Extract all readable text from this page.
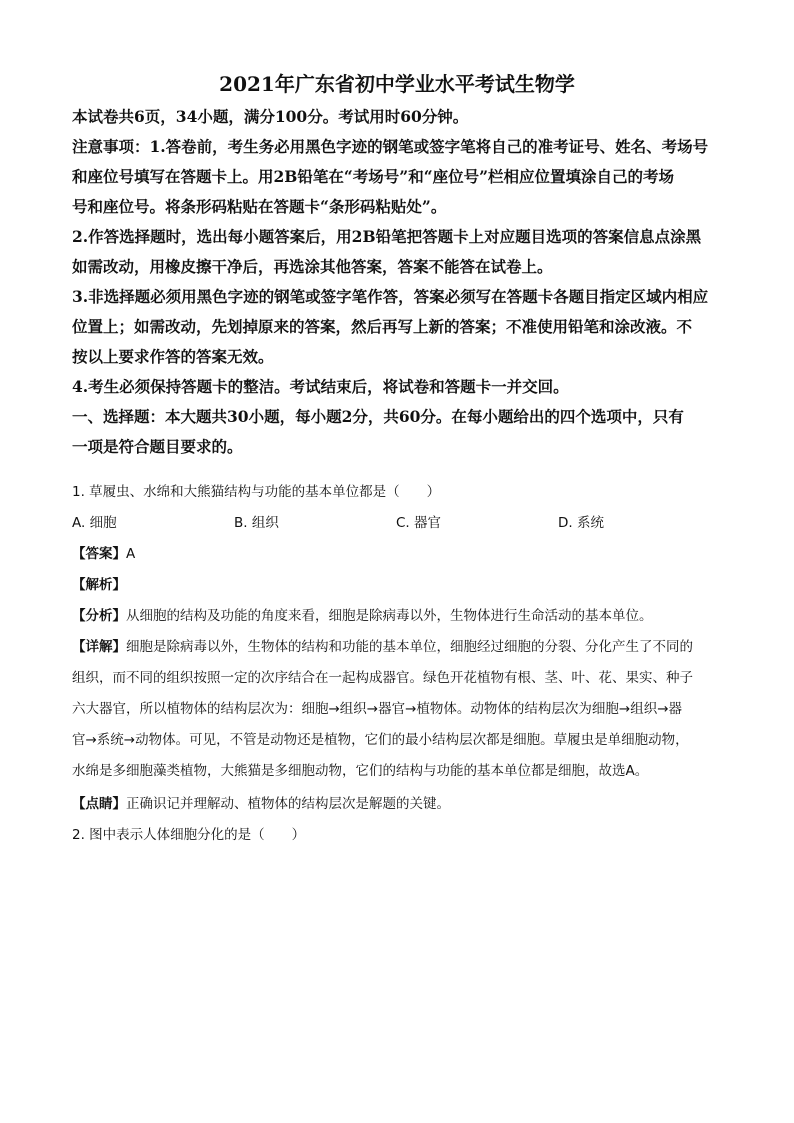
2021年广东省初中学业水平考试生物学
本试卷共6页，34小题，满分100分。考试用时60分钟。
注意事项：1.答卷前，考生务必用黑色字迹的钢笔或签字笔将自己的准考证号、姓名、考场号
和座位号填写在答题卡上。用2B铅笔在“考场号”和“座位号”栏相应位置填涂自己的考场
号和座位号。将条形码粘贴在答题卡“条形码粘贴处”。
2.作答选择题时，选出每小题答案后，用2B铅笔把答题卡上对应题目选项的答案信息点涂黑
如需改动，用橡皮擦干净后，再选涂其他答案，答案不能答在试卷上。
3.非选择题必须用黑色字迹的钢笔或签字笔作答，答案必须写在答题卡各题目指定区域内相应
位置上；如需改动，先划掉原来的答案，然后再写上新的答案；不准使用铅笔和涂改液。不
按以上要求作答的答案无效。
4.考生必须保持答题卡的整洁。考试结束后，将试卷和答题卡一并交回。
一、选择题：本大题共30小题，每小题2分，共60分。在每小题给出的四个选项中，只有
一项是符合题目要求的。
1. 草履虫、水绵和大熊猫结构与功能的基本单位都是（　　）
A. 细胞	B. 组织	C. 器官	D. 系统
【答案】A
【解析】
【分析】从细胞的结构及功能的角度来看，细胞是除病毒以外，生物体进行生命活动的基本单位。
【详解】细胞是除病毒以外，生物体的结构和功能的基本单位，细胞经过细胞的分裂、分化产生了不同的
组织，而不同的组织按照一定的次序结合在一起构成器官。绿色开花植物有根、茎、叶、花、果实、种子
六大器官，所以植物体的结构层次为：细胞→组织→器官→植物体。动物体的结构层次为细胞→组织→器
官→系统→动物体。可见，不管是动物还是植物，它们的最小结构层次都是细胞。草履虫是单细胞动物，
水绵是多细胞藻类植物，大熊猫是多细胞动物，它们的结构与功能的基本单位都是细胞，故选A。
【点睛】正确识记并理解动、植物体的结构层次是解题的关键。
2. 图中表示人体细胞分化的是（　　）
